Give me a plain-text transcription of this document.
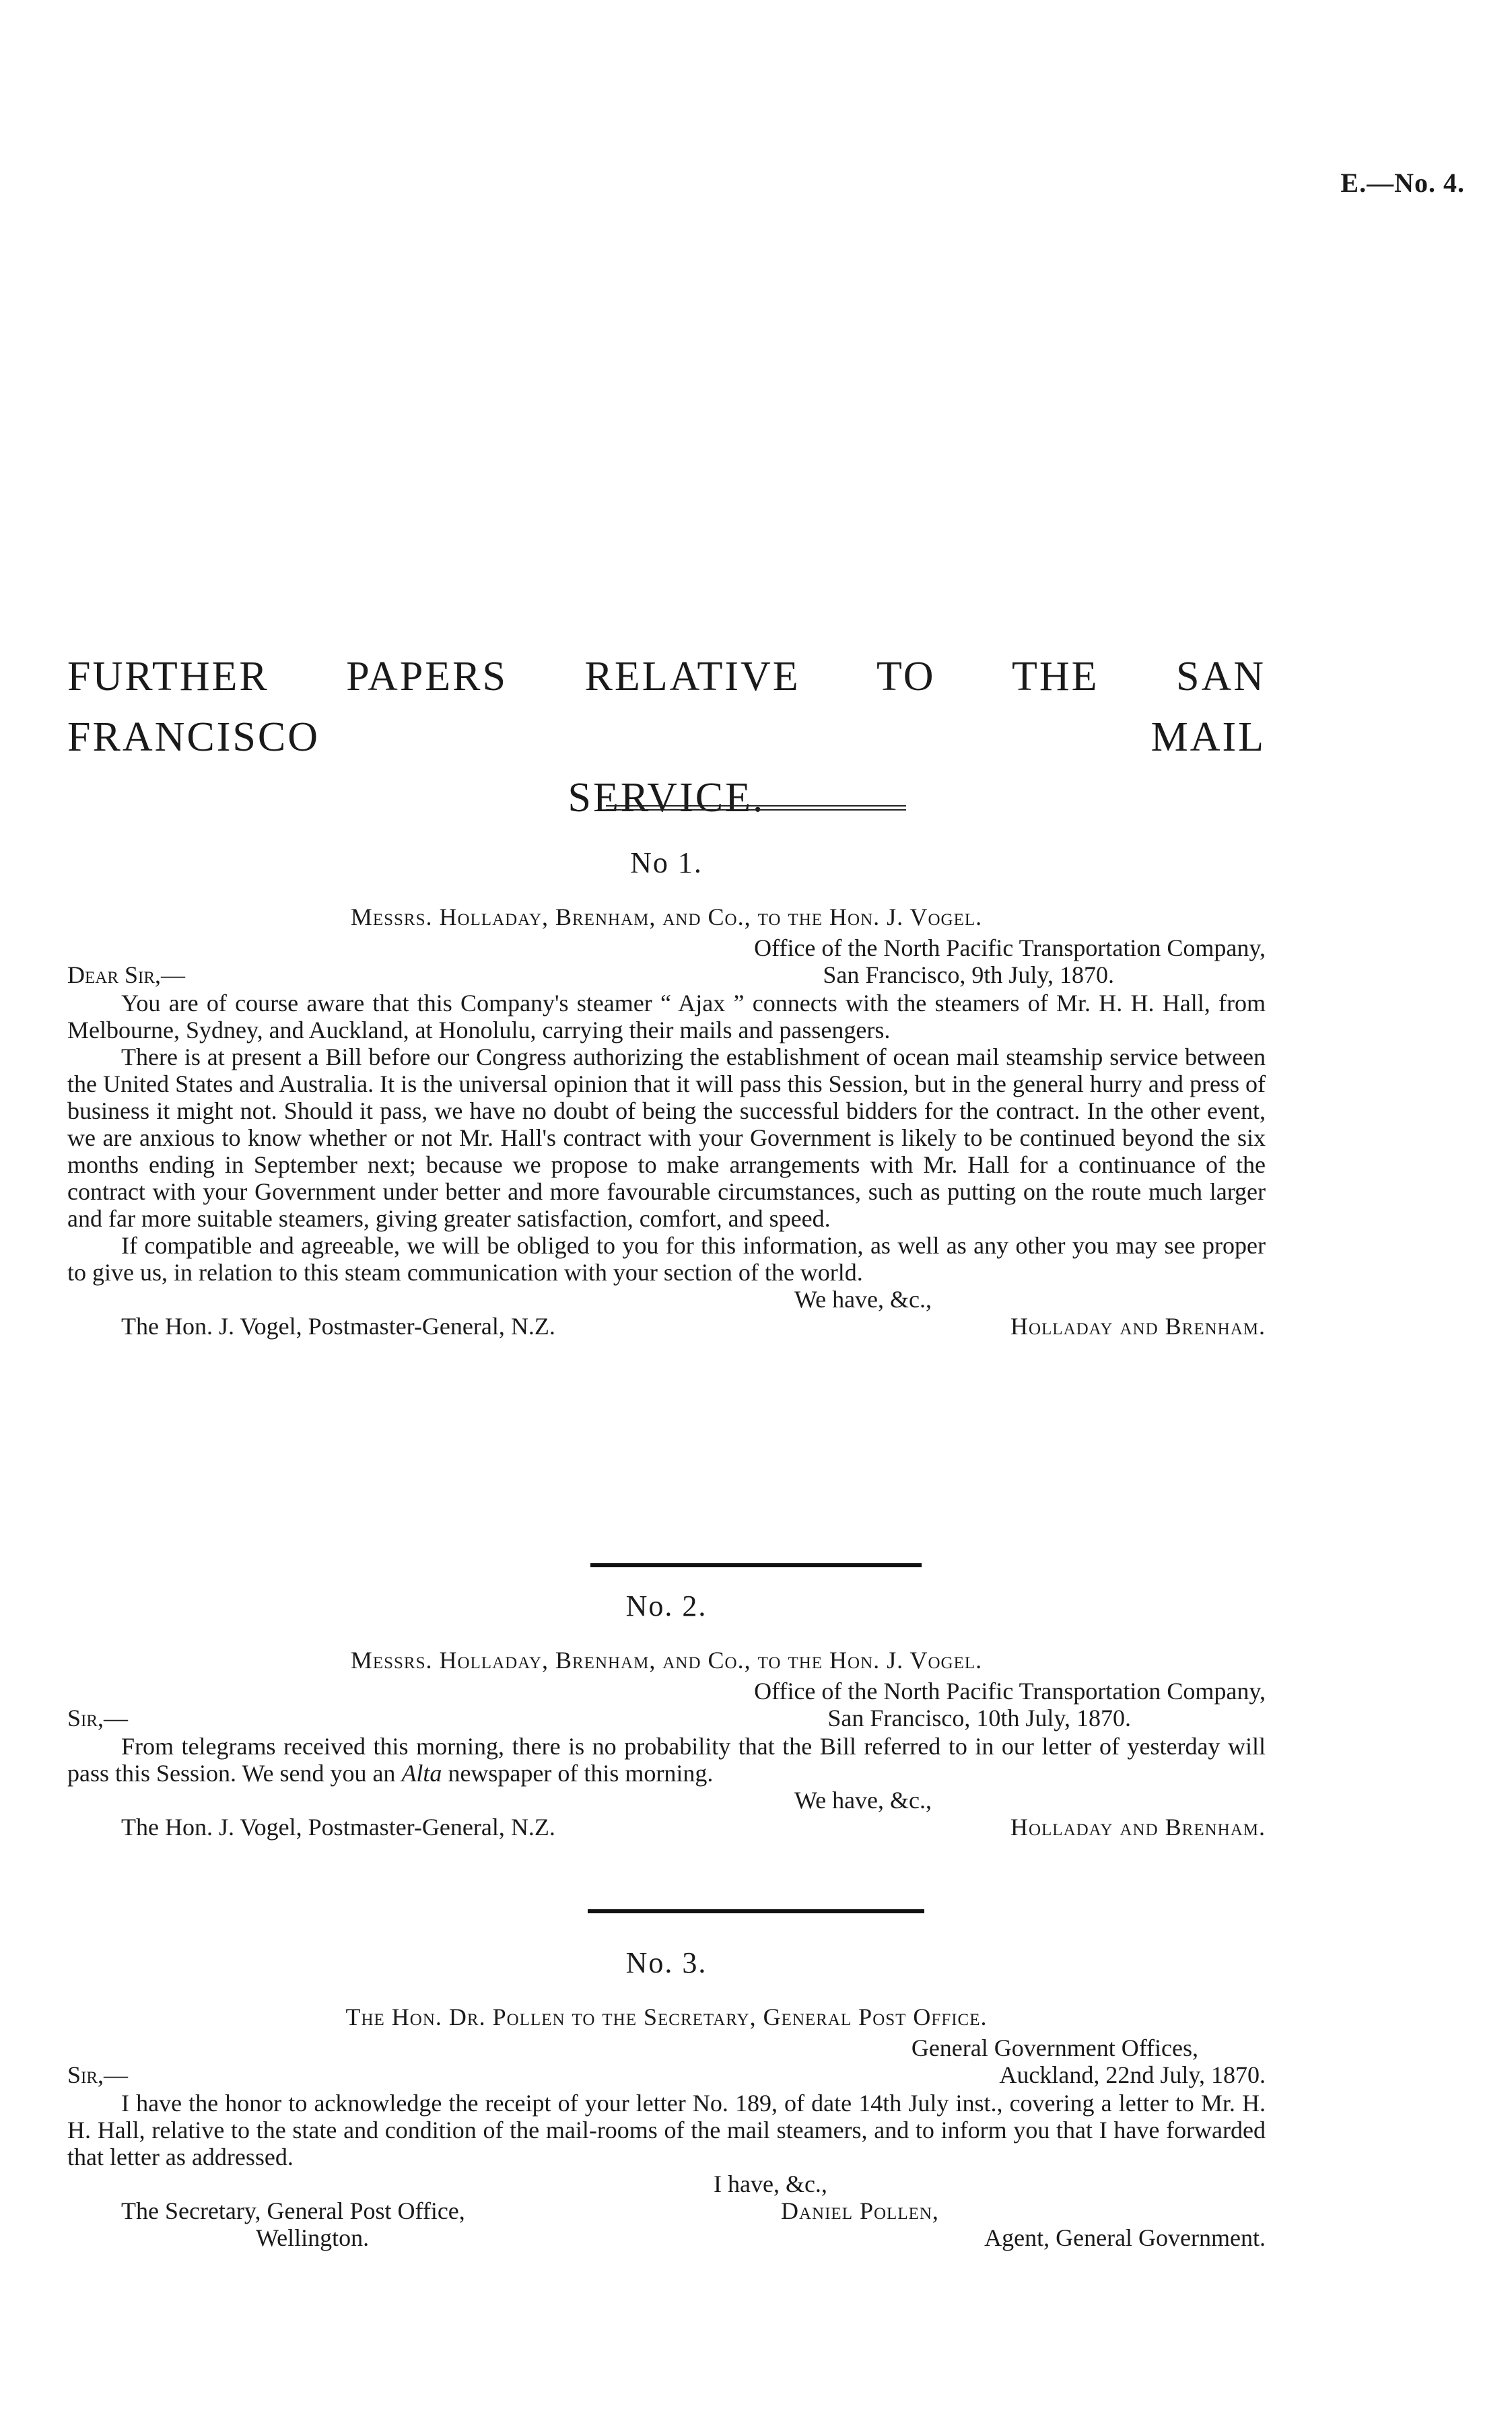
E.—No. 4.
FURTHER PAPERS RELATIVE TO THE SAN FRANCISCO MAIL
SERVICE.
No 1.
Messrs. Holladay, Brenham, and Co., to the Hon. J. Vogel.
Office of the North Pacific Transportation Company,
Dear Sir,—	San Francisco, 9th July, 1870.

You are of course aware that this Company's steamer “ Ajax ” connects with the steamers of Mr. H. H. Hall, from Melbourne, Sydney, and Auckland, at Honolulu, carrying their mails and passengers.

There is at present a Bill before our Congress authorizing the establishment of ocean mail steamship service between the United States and Australia. It is the universal opinion that it will pass this Session, but in the general hurry and press of business it might not. Should it pass, we have no doubt of being the successful bidders for the contract. In the other event, we are anxious to know whether or not Mr. Hall's contract with your Government is likely to be continued beyond the six months ending in September next; because we propose to make arrangements with Mr. Hall for a continuance of the contract with your Government under better and more favourable circumstances, such as putting on the route much larger and far more suitable steamers, giving greater satisfaction, comfort, and speed.

If compatible and agreeable, we will be obliged to you for this information, as well as any other you may see proper to give us, in relation to this steam communication with your section of the world.

We have, &c.,
The Hon. J. Vogel, Postmaster-General, N.Z.	Holladay and Brenham.
No. 2.
Messrs. Holladay, Brenham, and Co., to the Hon. J. Vogel.
Office of the North Pacific Transportation Company,
Sir,—	San Francisco, 10th July, 1870.

From telegrams received this morning, there is no probability that the Bill referred to in our letter of yesterday will pass this Session. We send you an Alta newspaper of this morning.

We have, &c.,
The Hon. J. Vogel, Postmaster-General, N.Z.	Holladay and Brenham.
No. 3.
The Hon. Dr. Pollen to the Secretary, General Post Office.
General Government Offices,
Sir,—	Auckland, 22nd July, 1870.

I have the honor to acknowledge the receipt of your letter No. 189, of date 14th July inst., covering a letter to Mr. H. H. Hall, relative to the state and condition of the mail-rooms of the mail steamers, and to inform you that I have forwarded that letter as addressed.

I have, &c.,
The Secretary, General Post Office,	Daniel Pollen,
Wellington.	Agent, General Government.
